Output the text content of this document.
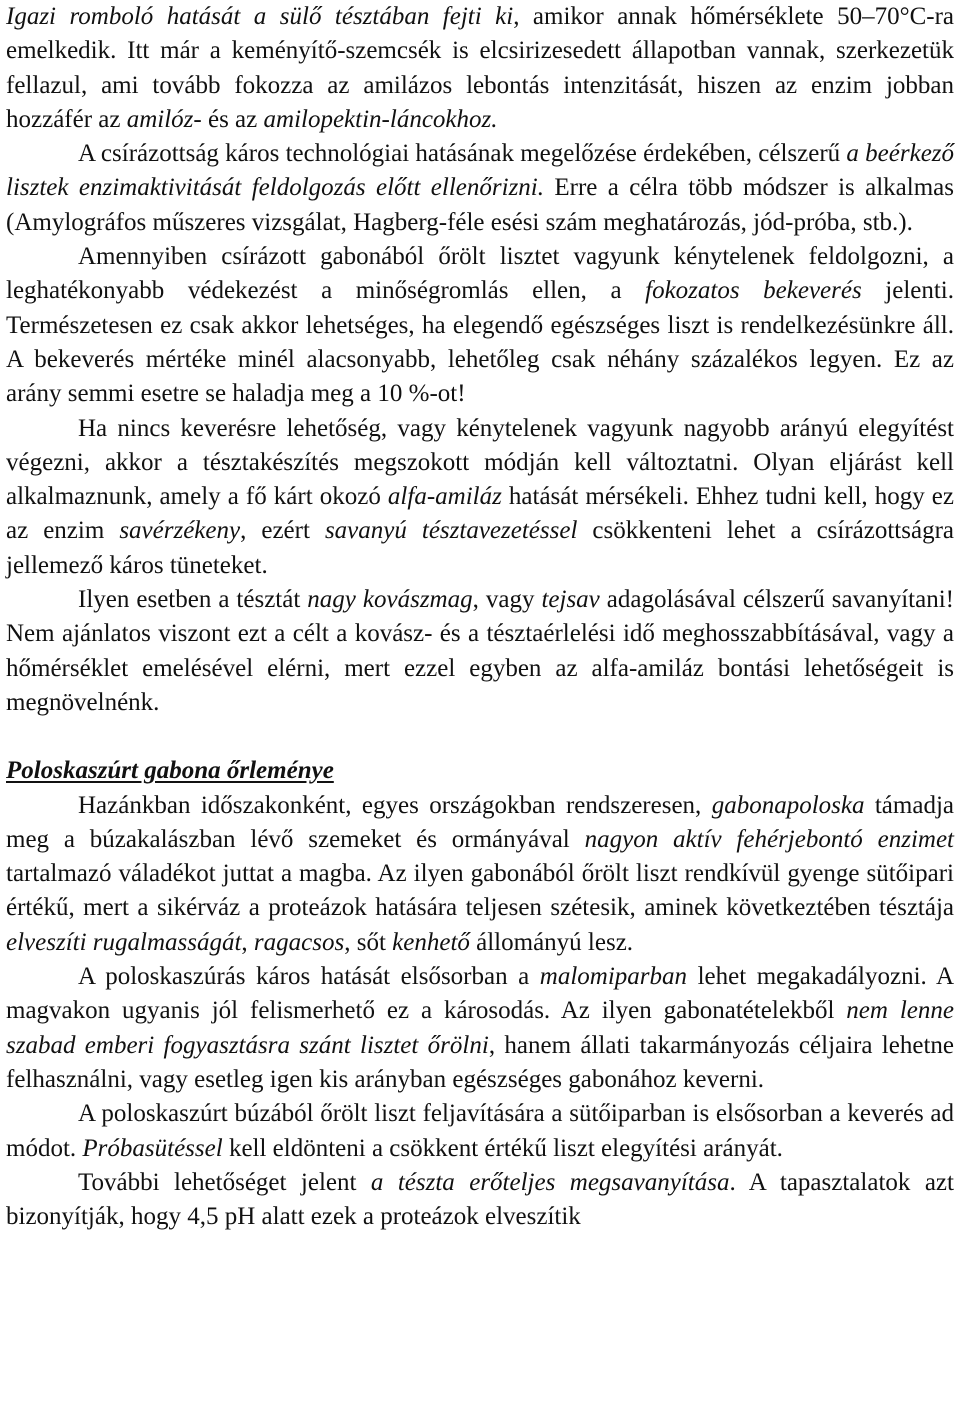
Igazi romboló hatását a sülő tésztában fejti ki, amikor annak hőmérséklete 50–70°C-ra emelkedik. Itt már a keményítő-szemcsék is elcsirizesedett állapotban vannak, szerkezetük fellazul, ami tovább fokozza az amilázos lebontás intenzitását, hiszen az enzim jobban hozzáfér az amilóz- és az amilopektin-láncokhoz.

A csírázottság káros technológiai hatásának megelőzése érdekében, célszerű a beérkező lisztek enzimaktivitását feldolgozás előtt ellenőrizni. Erre a célra több módszer is alkalmas (Amylográfos műszeres vizsgálat, Hagberg-féle esési szám meghatározás, jód-próba, stb.).

Amennyiben csírázott gabonából őrölt lisztet vagyunk kénytelenek feldolgozni, a leghatékonyabb védekezést a minőségromlás ellen, a fokozatos bekeverés jelenti. Természetesen ez csak akkor lehetséges, ha elegendő egészséges liszt is rendelkezésünkre áll. A bekeverés mértéke minél alacsonyabb, lehetőleg csak néhány százalékos legyen. Ez az arány semmi esetre se haladja meg a 10 %-ot!

Ha nincs keverésre lehetőség, vagy kénytelenek vagyunk nagyobb arányú elegyítést végezni, akkor a tésztakészítés megszokott módján kell változtatni. Olyan eljárást kell alkalmaznunk, amely a fő kárt okozó alfa-amiláz hatását mérsékeli. Ehhez tudni kell, hogy ez az enzim savérzékeny, ezért savanyú tésztavezetéssel csökkenteni lehet a csírázottságra jellemező káros tüneteket.

Ilyen esetben a tésztát nagy kovászmag, vagy tejsav adagolásával célszerű savanyítani! Nem ajánlatos viszont ezt a célt a kovász- és a tésztaérlelési idő meghosszabbításával, vagy a hőmérséklet emelésével elérni, mert ezzel egyben az alfa-amiláz bontási lehetőségeit is megnövelnénk.

Poloskaszúrt gabona őrleménye

Hazánkban időszakonként, egyes országokban rendszeresen, gabonapoloska támadja meg a búzakalászban lévő szemeket és ormányával nagyon aktív fehérjebontó enzimet tartalmazó váladékot juttat a magba. Az ilyen gabonából őrölt liszt rendkívül gyenge sütőipari értékű, mert a sikérváz a proteázok hatására teljesen szétesik, aminek következtében tésztája elveszíti rugalmasságát, ragacsos, sőt kenhető állományú lesz.

A poloskaszúrás káros hatását elsősorban a malomiparban lehet megakadályozni. A magvakon ugyanis jól felismerhető ez a károsodás. Az ilyen gabonatételekből nem lenne szabad emberi fogyasztásra szánt lisztet őrölni, hanem állati takarmányozás céljaira lehetne felhasználni, vagy esetleg igen kis arányban egészséges gabonához keverni.

A poloskaszúrt búzából őrölt liszt feljavítására a sütőiparban is elsősorban a keverés ad módot. Próbasütéssel kell eldönteni a csökkent értékű liszt elegyítési arányát.

További lehetőséget jelent a tészta erőteljes megsavanyítása. A tapasztalatok azt bizonyítják, hogy 4,5 pH alatt ezek a proteázok elveszítik
